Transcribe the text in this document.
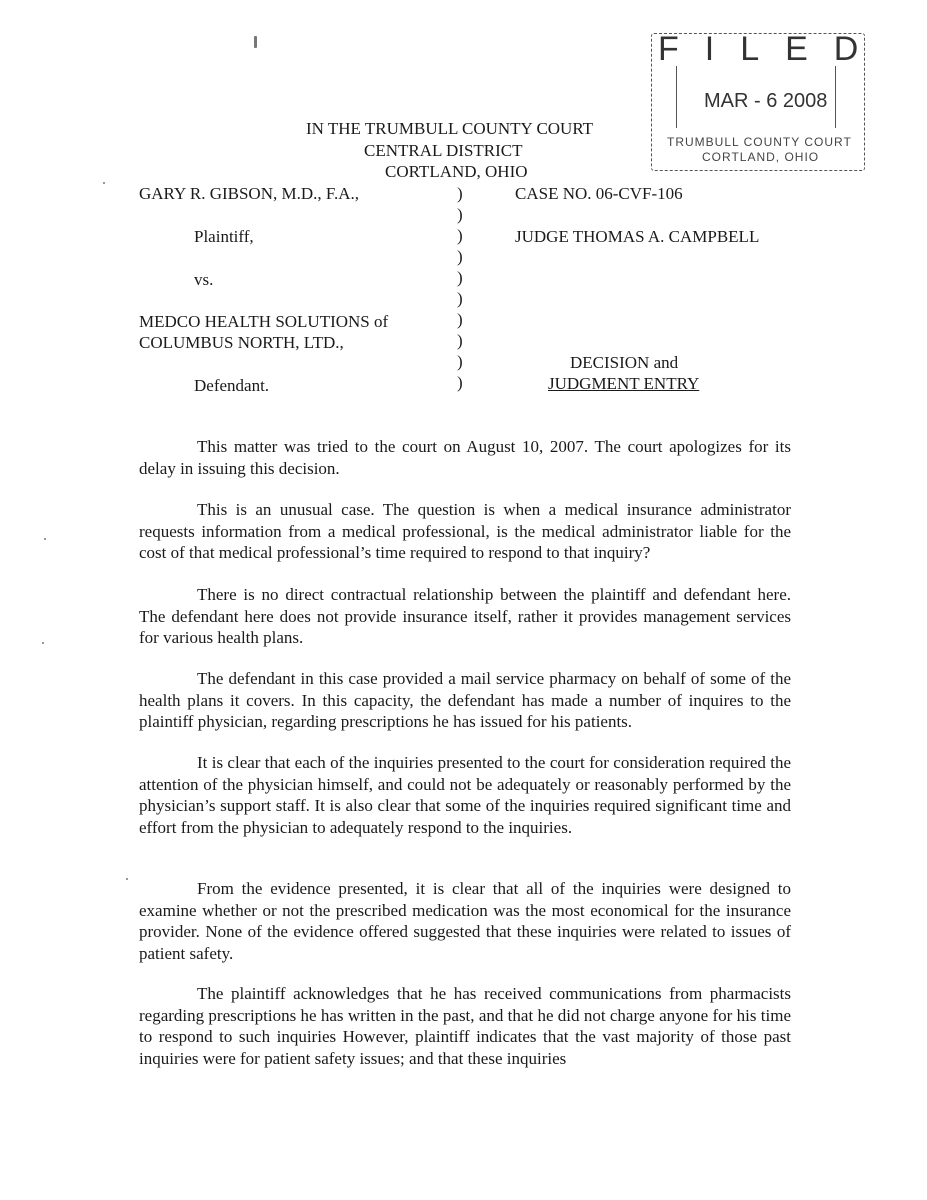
FILED
MAR - 6 2008
TRUMBULL COUNTY COURT
CORTLAND, OHIO
IN THE TRUMBULL COUNTY COURT
CENTRAL DISTRICT
CORTLAND, OHIO
GARY R. GIBSON, M.D., F.A.,
Plaintiff,
vs.
MEDCO HEALTH SOLUTIONS of
COLUMBUS NORTH, LTD.,
Defendant.
)
)
)
)
)
)
)
)
)
)
CASE NO. 06-CVF-106
JUDGE THOMAS A. CAMPBELL
DECISION and
JUDGMENT ENTRY

This matter was tried to the court on August 10, 2007. The court apologizes for its delay in issuing this decision.

This is an unusual case. The question is when a medical insurance administrator requests information from a medical professional, is the medical administrator liable for the cost of that medical professional’s time required to respond to that inquiry?

There is no direct contractual relationship between the plaintiff and defendant here. The defendant here does not provide insurance itself, rather it provides management services for various health plans.

The defendant in this case provided a mail service pharmacy on behalf of some of the health plans it covers. In this capacity, the defendant has made a number of inquires to the plaintiff physician, regarding prescriptions he has issued for his patients.

It is clear that each of the inquiries presented to the court for consideration required the attention of the physician himself, and could not be adequately or reasonably performed by the physician’s support staff. It is also clear that some of the inquiries required significant time and effort from the physician to adequately respond to the inquiries.

From the evidence presented, it is clear that all of the inquiries were designed to examine whether or not the prescribed medication was the most economical for the insurance provider. None of the evidence offered suggested that these inquiries were related to issues of patient safety.

The plaintiff acknowledges that he has received communications from pharmacists regarding prescriptions he has written in the past, and that he did not charge anyone for his time to respond to such inquiries However, plaintiff indicates that the vast majority of those past inquiries were for patient safety issues; and that these inquiries
